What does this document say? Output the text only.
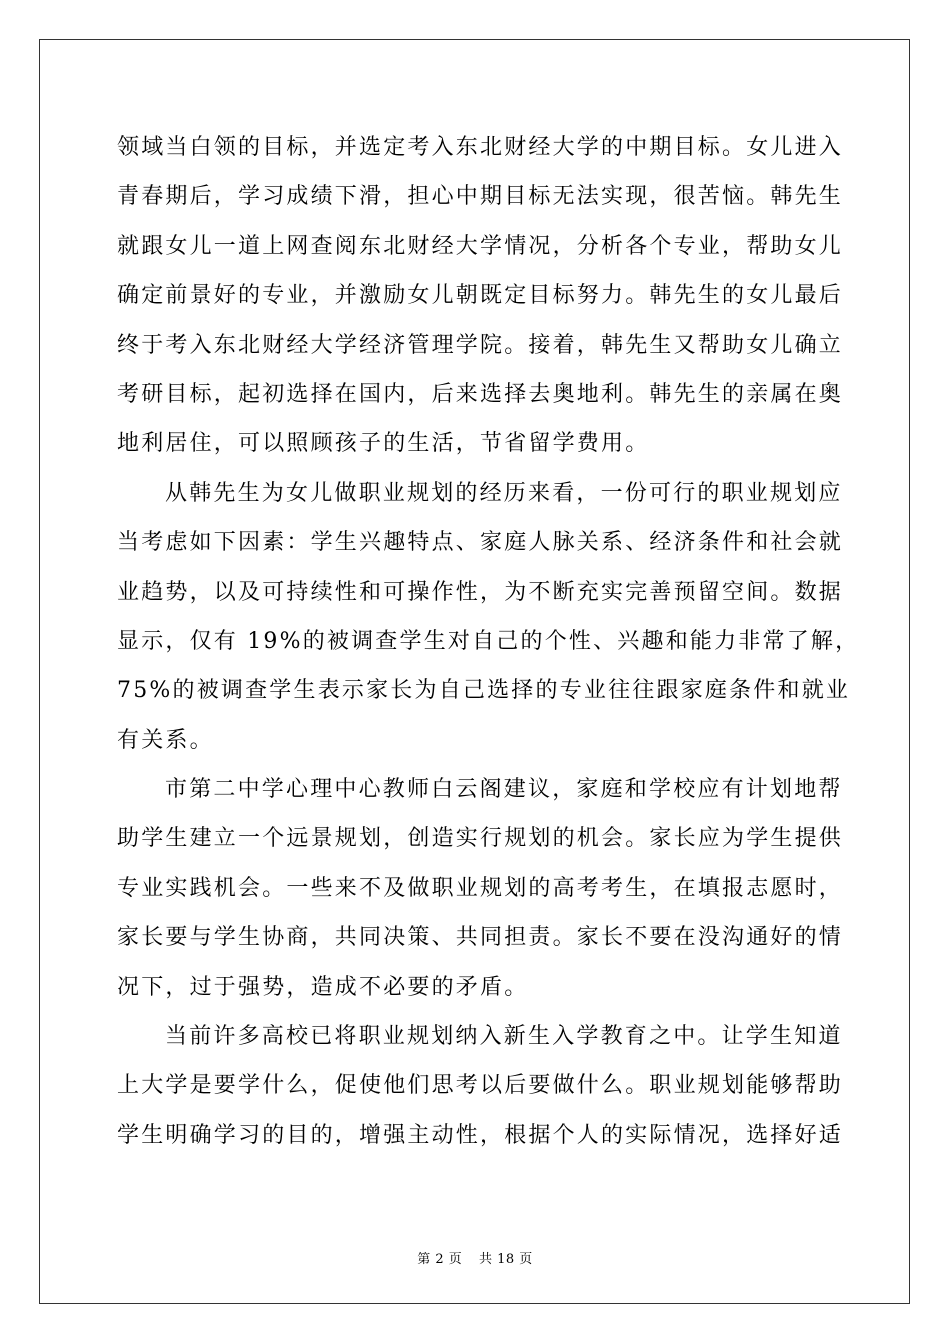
领域当白领的目标，并选定考入东北财经大学的中期目标。女儿进入
青春期后，学习成绩下滑，担心中期目标无法实现，很苦恼。韩先生
就跟女儿一道上网查阅东北财经大学情况，分析各个专业，帮助女儿
确定前景好的专业，并激励女儿朝既定目标努力。韩先生的女儿最后
终于考入东北财经大学经济管理学院。接着，韩先生又帮助女儿确立
考研目标，起初选择在国内，后来选择去奥地利。韩先生的亲属在奥
地利居住，可以照顾孩子的生活，节省留学费用。
从韩先生为女儿做职业规划的经历来看，一份可行的职业规划应
当考虑如下因素：学生兴趣特点、家庭人脉关系、经济条件和社会就
业趋势，以及可持续性和可操作性，为不断充实完善预留空间。数据
显示，仅有 19%的被调查学生对自己的个性、兴趣和能力非常了解，
75%的被调查学生表示家长为自己选择的专业往往跟家庭条件和就业
有关系。
市第二中学心理中心教师白云阁建议，家庭和学校应有计划地帮
助学生建立一个远景规划，创造实行规划的机会。家长应为学生提供
专业实践机会。一些来不及做职业规划的高考考生，在填报志愿时，
家长要与学生协商，共同决策、共同担责。家长不要在没沟通好的情
况下，过于强势，造成不必要的矛盾。
当前许多高校已将职业规划纳入新生入学教育之中。让学生知道
上大学是要学什么，促使他们思考以后要做什么。职业规划能够帮助
学生明确学习的目的，增强主动性，根据个人的实际情况，选择好适
第 2 页 共 18 页
